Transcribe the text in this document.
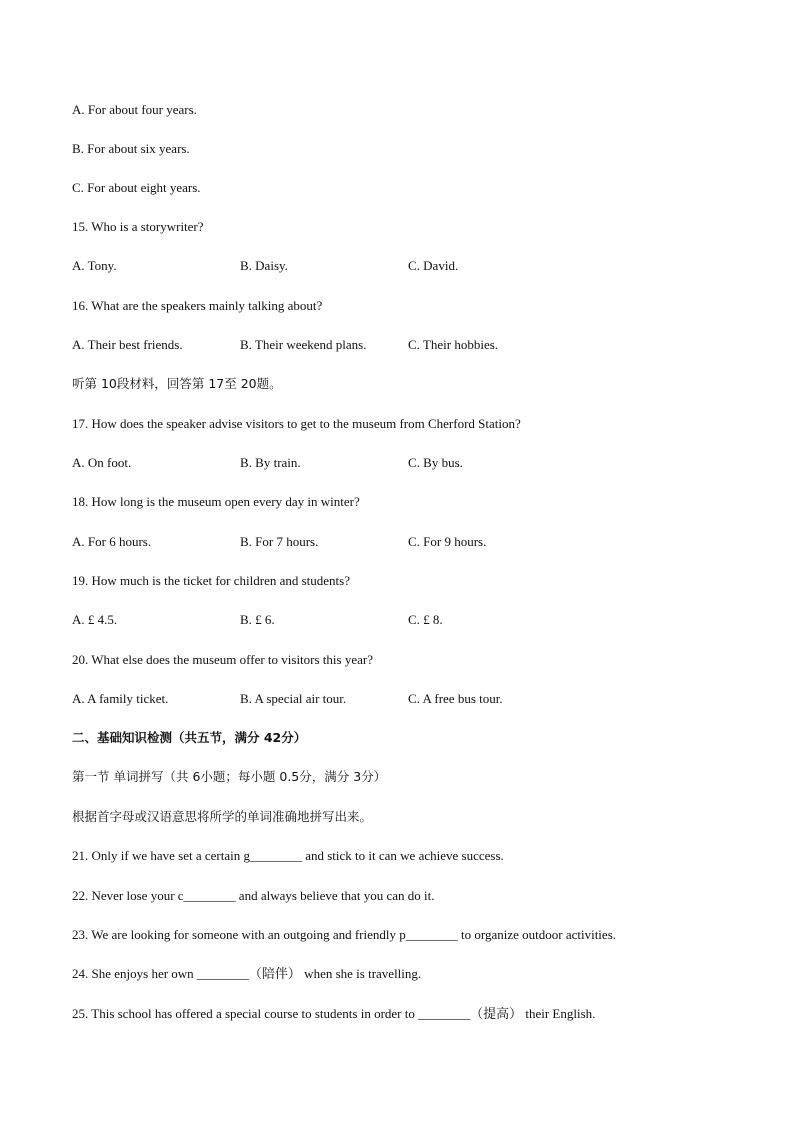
A. For about four years.
B. For about six years.
C. For about eight years.
15. Who is a storywriter?
A. Tony.	B. Daisy.	C. David.
16. What are the speakers mainly talking about?
A. Their best friends.	B. Their weekend plans.	C. Their hobbies.
听第 10段材料，回答第 17至 20题。
17. How does the speaker advise visitors to get to the museum from Cherford Station?
A. On foot.	B. By train.	C. By bus.
18. How long is the museum open every day in winter?
A. For 6 hours.	B. For 7 hours.	C. For 9 hours.
19. How much is the ticket for children and students?
A. £ 4.5.	B. £ 6.	C. £ 8.
20. What else does the museum offer to visitors this year?
A. A family ticket.	B. A special air tour.	C. A free bus tour.
二、基础知识检测（共五节，满分 42分）
第一节 单词拼写（共 6小题；每小题 0.5分，满分 3分）
根据首字母或汉语意思将所学的单词准确地拼写出来。
21. Only if we have set a certain g________ and stick to it can we achieve success.
22. Never lose your c________ and always believe that you can do it.
23. We are looking for someone with an outgoing and friendly p________ to organize outdoor activities.
24. She enjoys her own ________（陪伴） when she is travelling.
25. This school has offered a special course to students in order to ________（提高） their English.
